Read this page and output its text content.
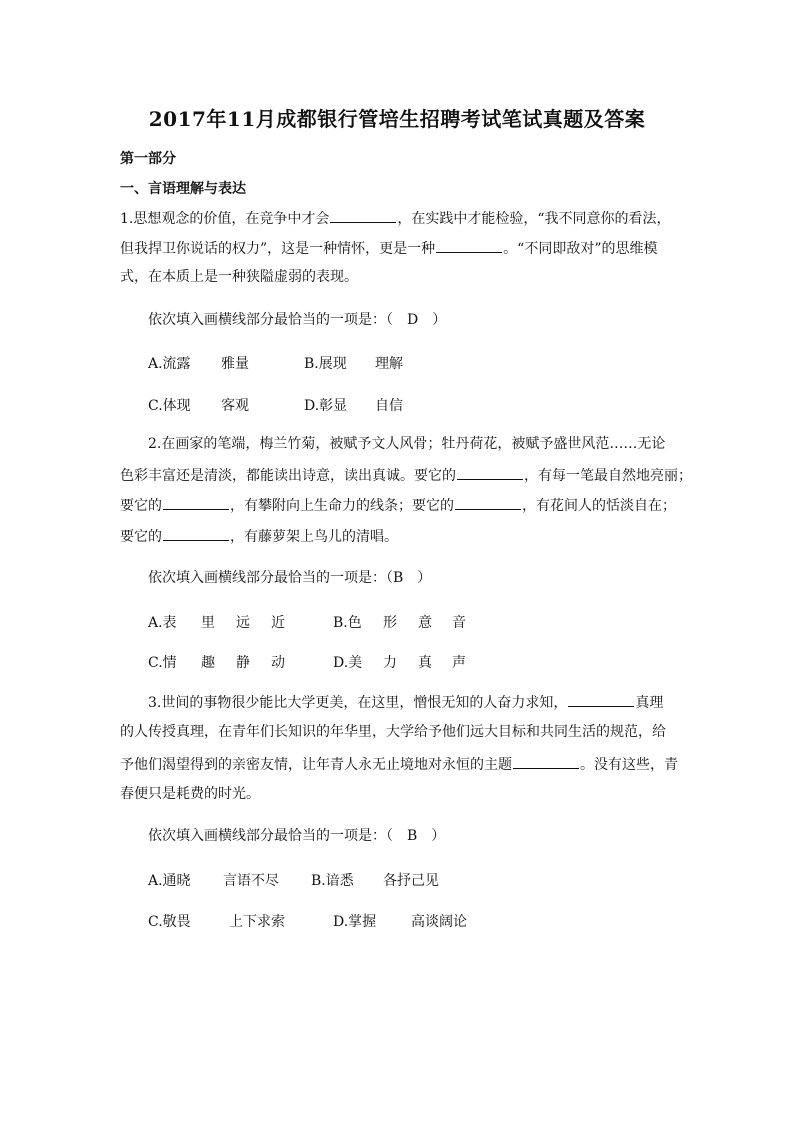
2017年11月成都银行管培生招聘考试笔试真题及答案
第一部分
一、言语理解与表达
1.思想观念的价值，在竞争中才会	，在实践中才能检验，“我不同意你的看法，
但我捍卫你说话的权力”，这是一种情怀，更是一种	。“不同即敌对”的思维模
式，在本质上是一种狭隘虚弱的表现。
依次填入画横线部分最恰当的一项是：（　D　）
A.流露 雅量	B.展现 理解
C.体现 客观	D.彰显 自信
2.在画家的笔端，梅兰竹菊，被赋予文人风骨；牡丹荷花，被赋予盛世风范……无论
色彩丰富还是清淡，都能读出诗意，读出真诚。要它的	，有每一笔最自然地亮丽；
要它的	，有攀附向上生命力的线条；要它的	，有花间人的恬淡自在；
要它的	，有藤萝架上鸟儿的清唱。
依次填入画横线部分最恰当的一项是：（B　）
A.表 里 远 近	B.色 形 意 音
C.情 趣 静 动	D.美 力 真 声
3.世间的事物很少能比大学更美，在这里，憎恨无知的人奋力求知，	真理
的人传授真理，在青年们长知识的年华里，大学给予他们远大目标和共同生活的规范，给
予他们渴望得到的亲密友情，让年青人永无止境地对永恒的主题	。没有这些，青
春便只是耗费的时光。
依次填入画横线部分最恰当的一项是：（　B　）
A.通晓 言语不尽 B.谙悉 各抒己见
C.敬畏	上下求索	D.掌握 高谈阔论
